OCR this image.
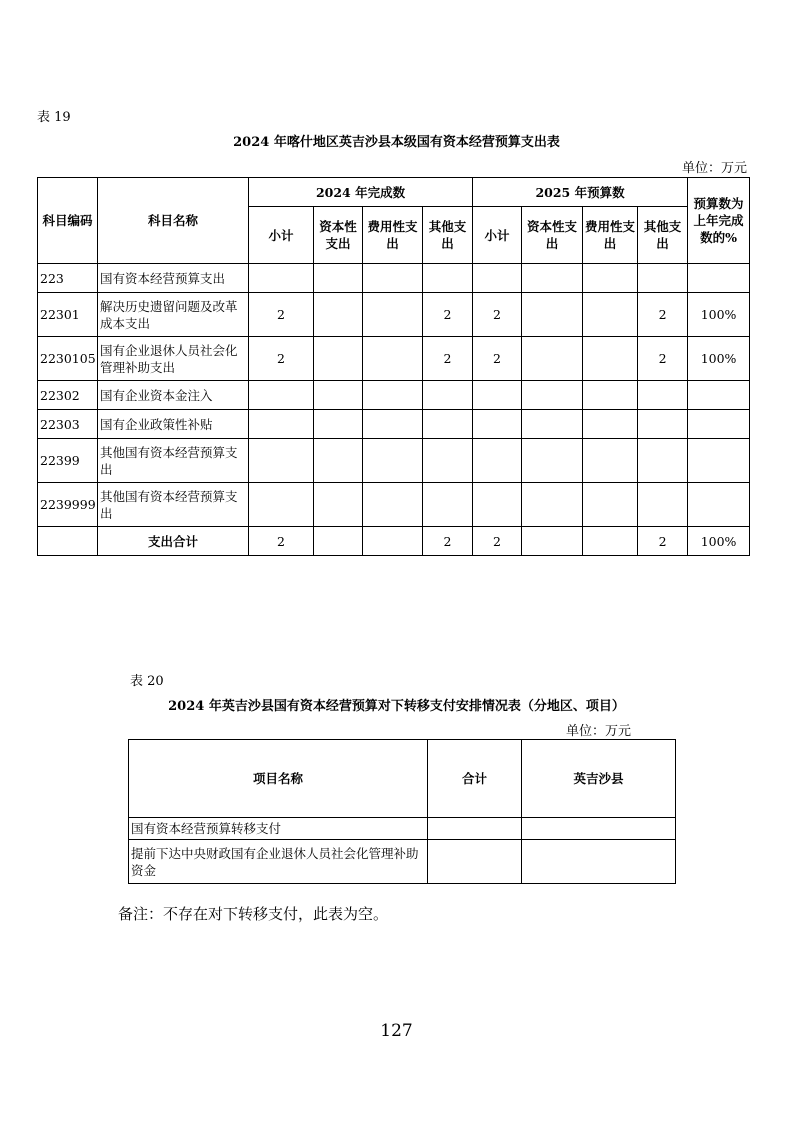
表 19
2024 年喀什地区英吉沙县本级国有资本经营预算支出表
单位：万元
科目编码	科目名称	2024 年完成数				2025 年预算数				预算数为上年完成数的%
		小计	资本性支出	费用性支出	其他支出	小计	资本性支出	费用性支出	其他支出	
223	国有资本经营预算支出									
22301	解决历史遗留问题及改革成本支出	2			2	2			2	100%
2230105	国有企业退休人员社会化管理补助支出	2			2	2			2	100%
22302	国有企业资本金注入									
22303	国有企业政策性补贴									
22399	其他国有资本经营预算支出									
2239999	其他国有资本经营预算支出									
	支出合计	2			2	2			2	100%
表 20
2024 年英吉沙县国有资本经营预算对下转移支付安排情况表（分地区、项目）
单位：万元
项目名称	合计	英吉沙县
国有资本经营预算转移支付		
提前下达中央财政国有企业退休人员社会化管理补助资金		
备注：不存在对下转移支付，此表为空。
127
